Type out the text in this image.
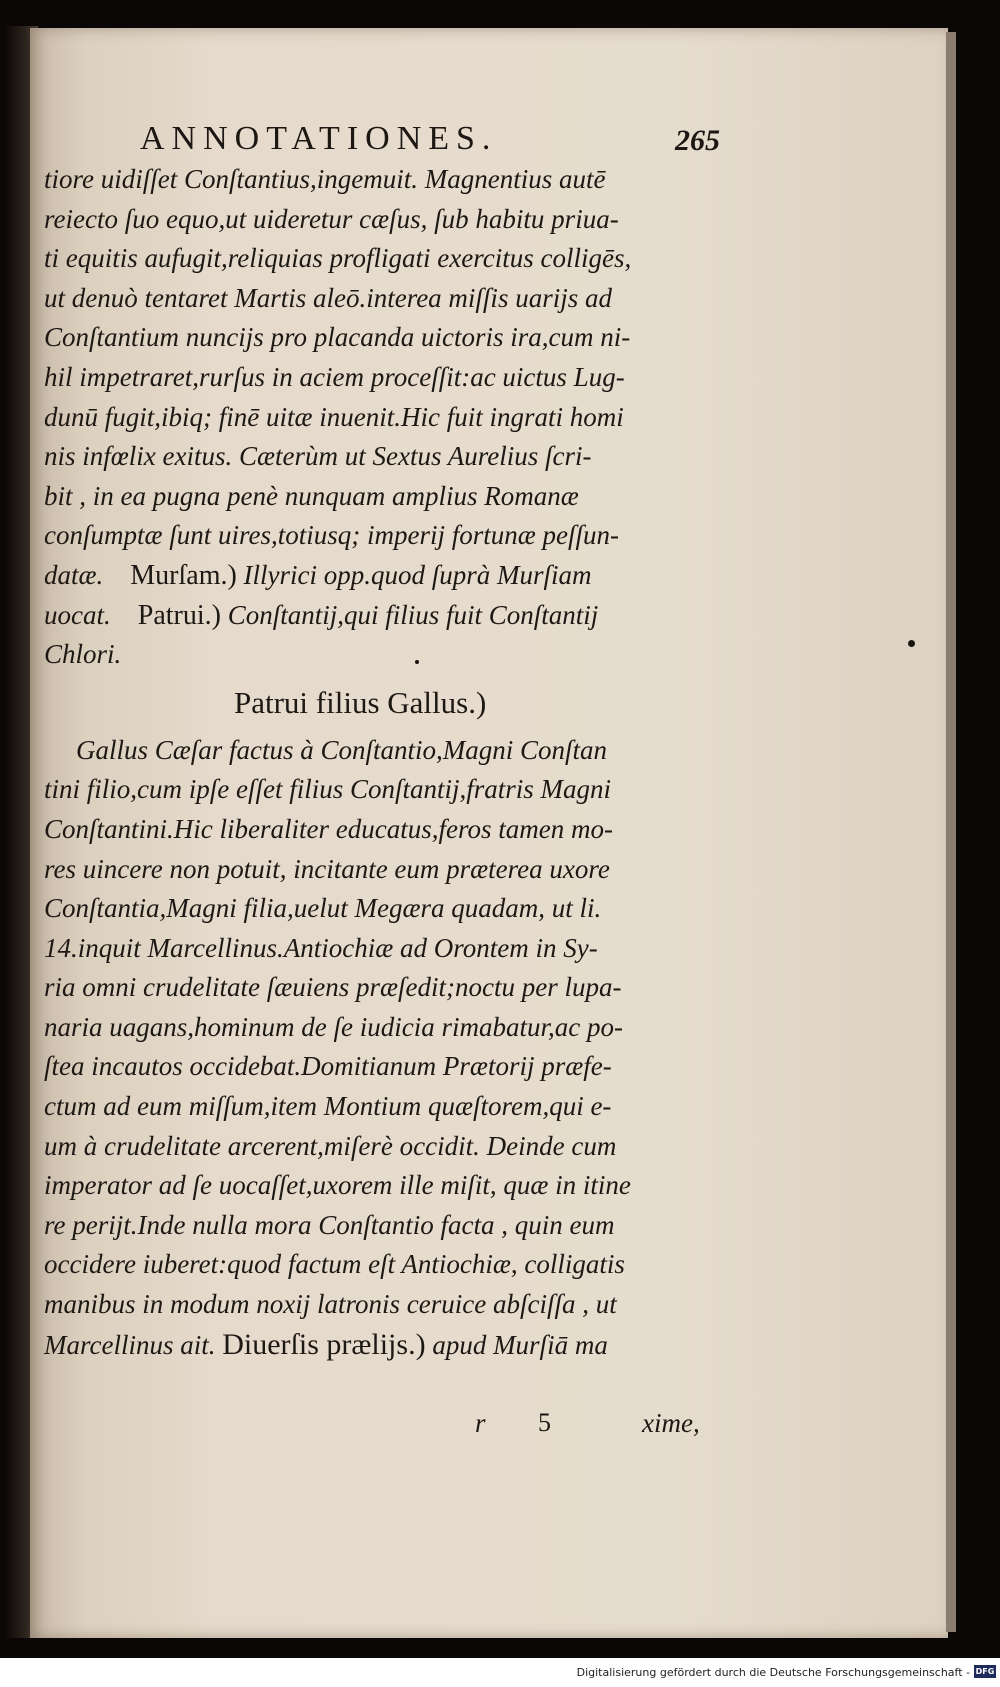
ANNOTATIONES.	265
tiore uidiſſet Conſtantius,ingemuit. Magnentius autē
reiecto ſuo equo,ut uideretur cæſus, ſub habitu priua-
ti equitis aufugit,reliquias profligati exercitus colligēs,
ut denuò tentaret Martis aleō.interea miſſis uarijs ad
Conſtantium nuncijs pro placanda uictoris ira,cum ni-
hil impetraret,rurſus in aciem proceſſit:ac uictus Lug-
dunū fugit,ibiq; finē uitæ inuenit.Hic fuit ingrati homi
nis infœlix exitus. Cæterùm ut Sextus Aurelius ſcri-
bit , in ea pugna penè nunquam amplius Romanæ
conſumptæ ſunt uires,totiusq; imperij fortunæ peſſun-
datæ. Murſam.) Illyrici opp.quod ſuprà Murſiam
uocat. Patrui.) Conſtantij,qui filius fuit Conſtantij
Chlori.
Patrui filius Gallus.)
Gallus Cæſar factus à Conſtantio,Magni Conſtan
tini filio,cum ipſe eſſet filius Conſtantij,fratris Magni
Conſtantini.Hic liberaliter educatus,feros tamen mo-
res uincere non potuit, incitante eum præterea uxore
Conſtantia,Magni filia,uelut Megæra quadam, ut li.
14.inquit Marcellinus.Antiochiæ ad Orontem in Sy-
ria omni crudelitate ſæuiens præſedit;noctu per lupa-
naria uagans,hominum de ſe iudicia rimabatur,ac po-
ſtea incautos occidebat.Domitianum Prætorij præfe-
ctum ad eum miſſum,item Montium quæſtorem,qui e-
um à crudelitate arcerent,miſerè occidit. Deinde cum
imperator ad ſe uocaſſet,uxorem ille miſit, quæ in itine
re perijt.Inde nulla mora Conſtantio facta , quin eum
occidere iuberet:quod factum eſt Antiochiæ, colligatis
manibus in modum noxij latronis ceruice abſciſſa , ut
Marcellinus ait. Diuerſis prælijs.) apud Murſiā ma
r 5	xime,
Digitalisierung gefördert durch die Deutsche Forschungsgemeinschaft - DFG
